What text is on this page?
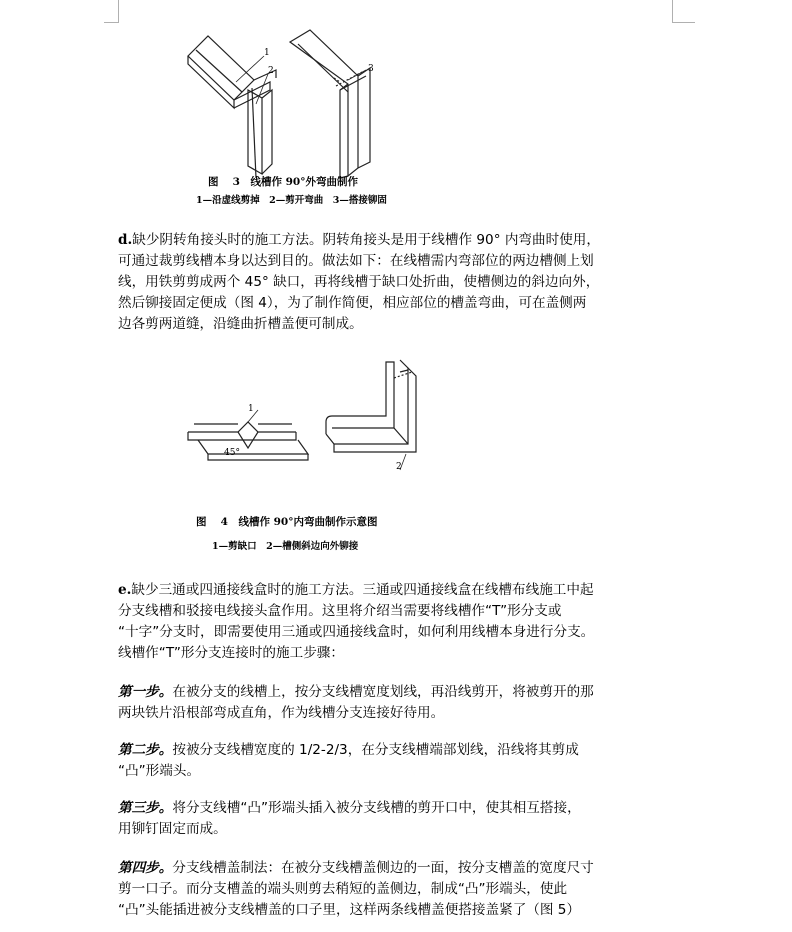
1
2	3
图　 3　线槽作 90°外弯曲制作
1—沿虚线剪掉　2—剪开弯曲　3—搭接铆固
d.缺少阴转角接头时的施工方法。阴转角接头是用于线槽作 90° 内弯曲时使用，
可通过裁剪线槽本身以达到目的。做法如下：在线槽需内弯部位的两边槽侧上划
线，用铁剪剪成两个 45° 缺口，再将线槽于缺口处折曲，使槽侧边的斜边向外，
然后铆接固定便成（图 4），为了制作简便，相应部位的槽盖弯曲，可在盖侧两
边各剪两道缝，沿缝曲折槽盖便可制成。
1
45°
2
图　 4　线槽作 90°内弯曲制作示意图
1—剪缺口　2—槽侧斜边向外铆接
e.缺少三通或四通接线盒时的施工方法。三通或四通接线盒在线槽布线施工中起
分支线槽和驳接电线接头盒作用。这里将介绍当需要将线槽作“T”形分支或
“十字”分支时，即需要使用三通或四通接线盒时，如何利用线槽本身进行分支。
线槽作“T”形分支连接时的施工步骤：
第一步。在被分支的线槽上，按分支线槽宽度划线，再沿线剪开，将被剪开的那
两块铁片沿根部弯成直角，作为线槽分支连接好待用。
第二步。按被分支线槽宽度的 1/2-2/3，在分支线槽端部划线，沿线将其剪成
“凸”形端头。
第三步。将分支线槽“凸”形端头插入被分支线槽的剪开口中，使其相互搭接，
用铆钉固定而成。
第四步。分支线槽盖制法：在被分支线槽盖侧边的一面，按分支槽盖的宽度尺寸
剪一口子。而分支槽盖的端头则剪去稍短的盖侧边，制成“凸”形端头，使此
“凸”头能插进被分支线槽盖的口子里，这样两条线槽盖便搭接盖紧了（图 5）
